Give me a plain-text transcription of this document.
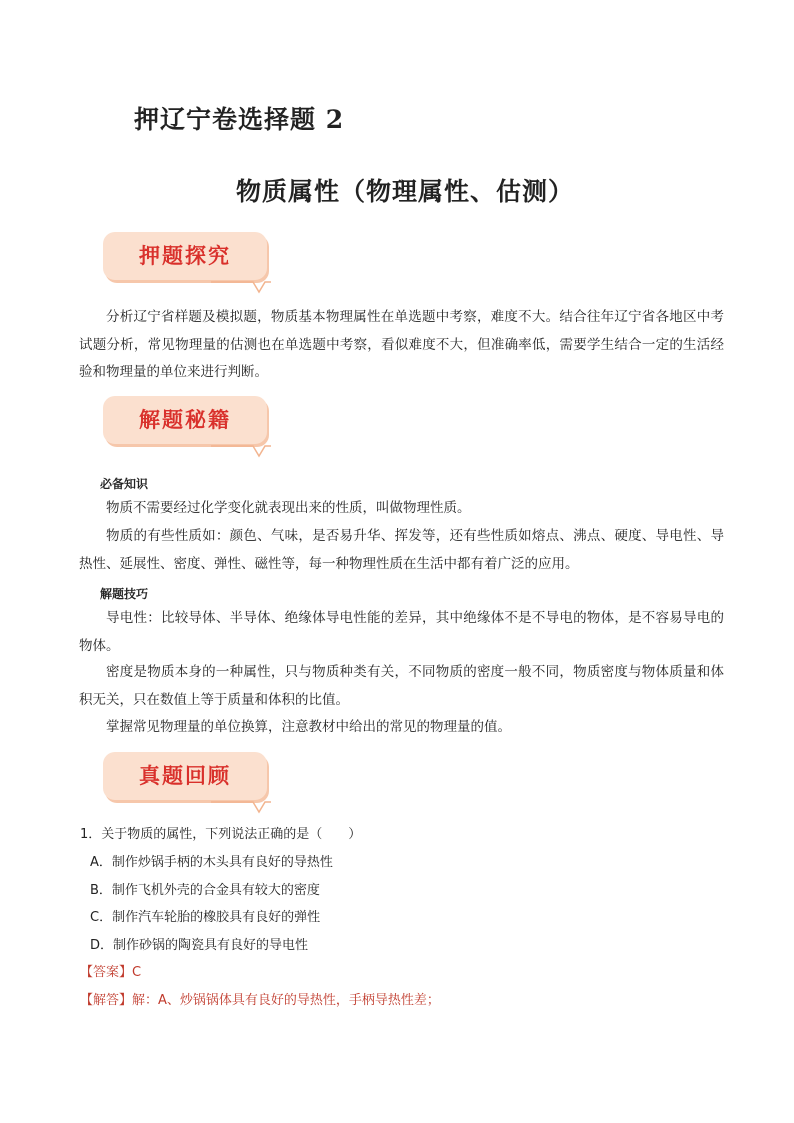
押辽宁卷选择题 2
物质属性（物理属性、估测）
押题探究
分析辽宁省样题及模拟题，物质基本物理属性在单选题中考察，难度不大。结合往年辽宁省各地区中考试题分析，常见物理量的估测也在单选题中考察，看似难度不大，但准确率低，需要学生结合一定的生活经验和物理量的单位来进行判断。
解题秘籍
必备知识
物质不需要经过化学变化就表现出来的性质，叫做物理性质。
物质的有些性质如：颜色、气味，是否易升华、挥发等，还有些性质如熔点、沸点、硬度、导电性、导热性、延展性、密度、弹性、磁性等，每一种物理性质在生活中都有着广泛的应用。
解题技巧
导电性：比较导体、半导体、绝缘体导电性能的差异，其中绝缘体不是不导电的物体，是不容易导电的物体。
密度是物质本身的一种属性，只与物质种类有关，不同物质的密度一般不同，物质密度与物体质量和体积无关，只在数值上等于质量和体积的比值。
掌握常见物理量的单位换算，注意教材中给出的常见的物理量的值。
真题回顾
1．关于物质的属性，下列说法正确的是（　　）
A．制作炒锅手柄的木头具有良好的导热性
B．制作飞机外壳的合金具有较大的密度
C．制作汽车轮胎的橡胶具有良好的弹性
D．制作砂锅的陶瓷具有良好的导电性
【答案】C
【解答】解：A、炒锅锅体具有良好的导热性，手柄导热性差；
